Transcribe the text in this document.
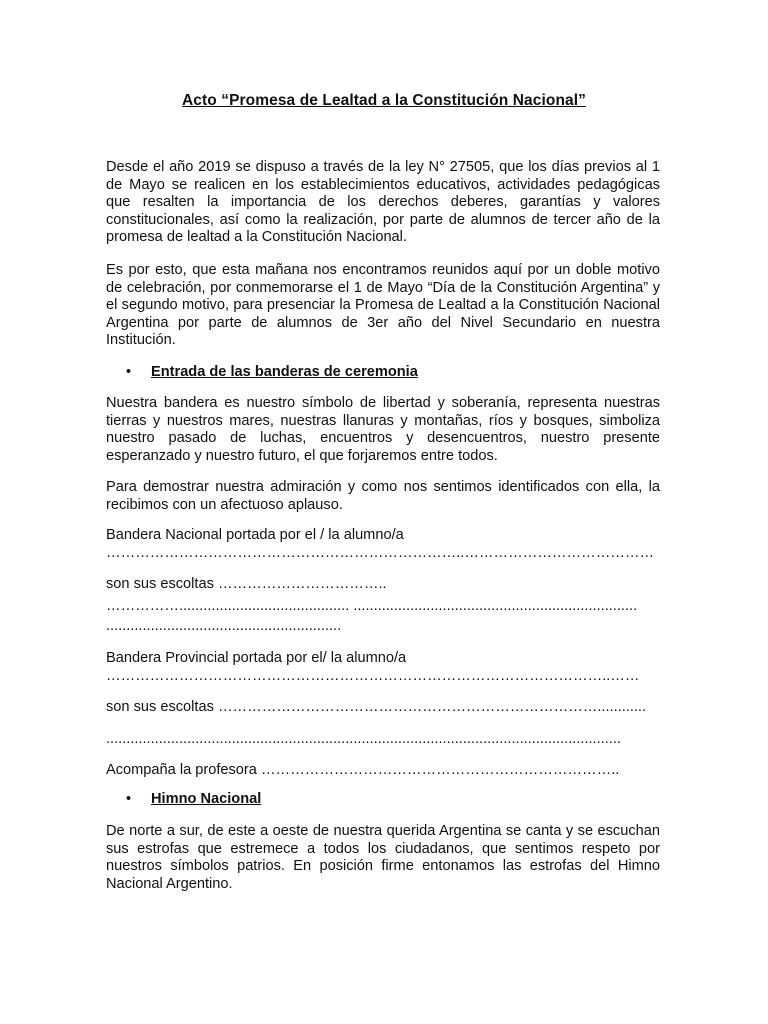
Acto “Promesa de Lealtad a la Constitución Nacional”
Desde el año 2019 se dispuso a través de la ley N° 27505, que los días previos al 1 de Mayo se realicen en los establecimientos educativos, actividades pedagógicas que resalten la importancia de los derechos deberes, garantías y valores constitucionales, así como la realización, por parte de alumnos de tercer año de la promesa de lealtad a la Constitución Nacional.
Es por esto, que esta mañana nos encontramos reunidos aquí por un doble motivo de celebración, por conmemorarse el 1 de Mayo “Día de la Constitución Argentina” y el segundo motivo, para presenciar la Promesa de Lealtad a la Constitución Nacional Argentina por parte de alumnos de 3er año del Nivel Secundario en nuestra Institución.
• Entrada de las banderas de ceremonia
Nuestra bandera es nuestro símbolo de libertad y soberanía, representa nuestras tierras y nuestros mares, nuestras llanuras y montañas, ríos y bosques, simboliza nuestro pasado de luchas, encuentros y desencuentros, nuestro presente esperanzado y nuestro futuro, el que forjaremos entre todos.
Para demostrar nuestra admiración y como nos sentimos identificados con ella, la recibimos con un afectuoso aplauso.
Bandera Nacional portada por el / la alumno/a
………………………………………………………………..…………………………………
son sus escoltas ……………………………..
…………….......................................... ......................................................................
..........................................................
Bandera Provincial portada por el/ la alumno/a
…………………………………………………………………………………………..……
son sus escoltas ……………………………………………………………………............
...............................................................................................................................
Acompaña la profesora ………………………………………………………………..
• Himno Nacional
De norte a sur, de este a oeste de nuestra querida Argentina se canta y se escuchan sus estrofas que estremece a todos los ciudadanos, que sentimos respeto por nuestros símbolos patrios. En posición firme entonamos las estrofas del Himno Nacional Argentino.
